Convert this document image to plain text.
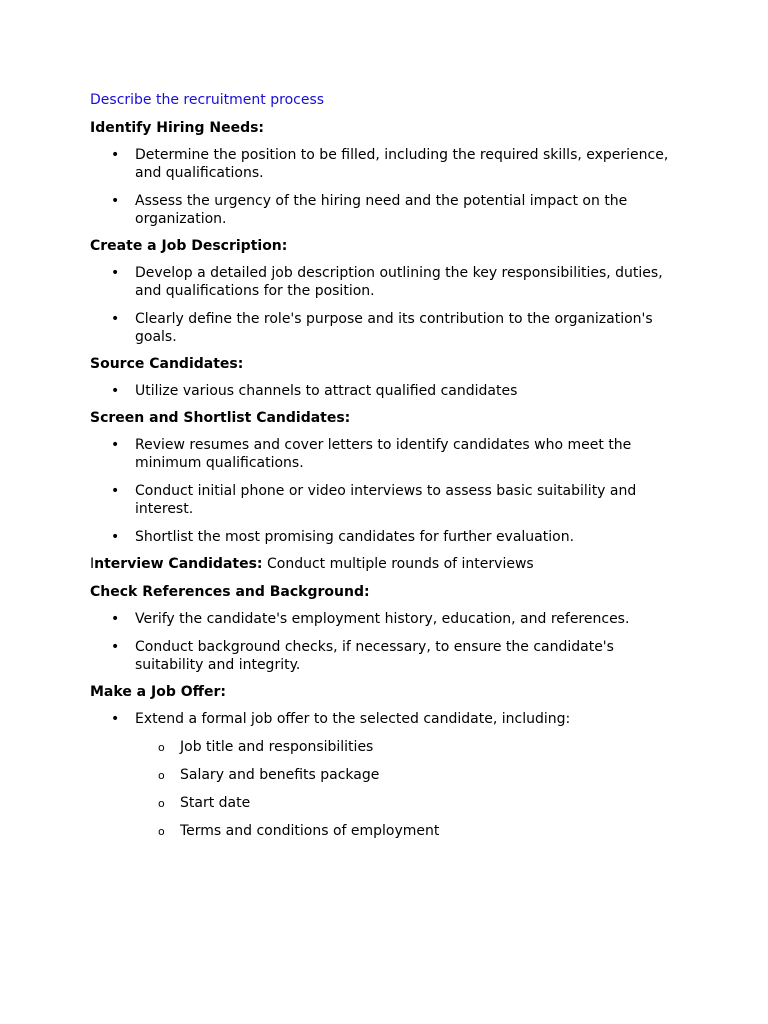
Describe the recruitment process
Identify Hiring Needs:
• Determine the position to be filled, including the required skills, experience, and qualifications.
• Assess the urgency of the hiring need and the potential impact on the organization.
Create a Job Description:
• Develop a detailed job description outlining the key responsibilities, duties, and qualifications for the position.
• Clearly define the role's purpose and its contribution to the organization's goals.
Source Candidates:
• Utilize various channels to attract qualified candidates
Screen and Shortlist Candidates:
• Review resumes and cover letters to identify candidates who meet the minimum qualifications.
• Conduct initial phone or video interviews to assess basic suitability and interest.
• Shortlist the most promising candidates for further evaluation.
Interview Candidates: Conduct multiple rounds of interviews
Check References and Background:
• Verify the candidate's employment history, education, and references.
• Conduct background checks, if necessary, to ensure the candidate's suitability and integrity.
Make a Job Offer:
• Extend a formal job offer to the selected candidate, including:
o Job title and responsibilities
o Salary and benefits package
o Start date
o Terms and conditions of employment
